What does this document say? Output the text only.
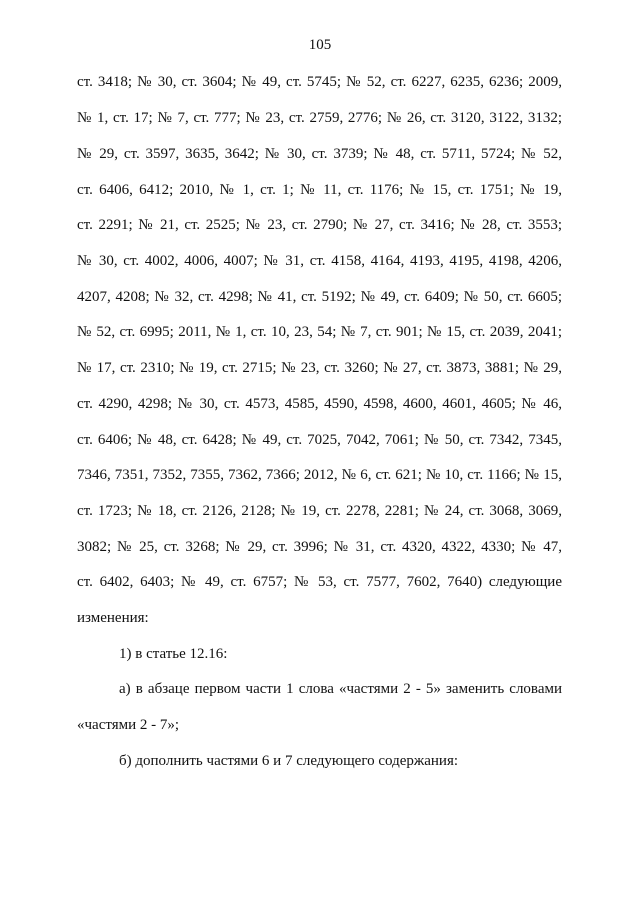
105
ст. 3418; № 30, ст. 3604; № 49, ст. 5745; № 52, ст. 6227, 6235, 6236; 2009,
№ 1, ст. 17; № 7, ст. 777; № 23, ст. 2759, 2776; № 26, ст. 3120, 3122, 3132;
№ 29, ст. 3597, 3635, 3642; № 30, ст. 3739; № 48, ст. 5711, 5724; № 52,
ст. 6406, 6412; 2010, № 1, ст. 1; № 11, ст. 1176; № 15, ст. 1751; № 19,
ст. 2291; № 21, ст. 2525; № 23, ст. 2790; № 27, ст. 3416; № 28, ст. 3553;
№ 30, ст. 4002, 4006, 4007; № 31, ст. 4158, 4164, 4193, 4195, 4198, 4206,
4207, 4208; № 32, ст. 4298; № 41, ст. 5192; № 49, ст. 6409; № 50, ст. 6605;
№ 52, ст. 6995; 2011, № 1, ст. 10, 23, 54; № 7, ст. 901; № 15, ст. 2039, 2041;
№ 17, ст. 2310; № 19, ст. 2715; № 23, ст. 3260; № 27, ст. 3873, 3881; № 29,
ст. 4290, 4298; № 30, ст. 4573, 4585, 4590, 4598, 4600, 4601, 4605; № 46,
ст. 6406; № 48, ст. 6428; № 49, ст. 7025, 7042, 7061; № 50, ст. 7342, 7345,
7346, 7351, 7352, 7355, 7362, 7366; 2012, № 6, ст. 621; № 10, ст. 1166; № 15,
ст. 1723; № 18, ст. 2126, 2128; № 19, ст. 2278, 2281; № 24, ст. 3068, 3069,
3082; № 25, ст. 3268; № 29, ст. 3996; № 31, ст. 4320, 4322, 4330; № 47,
ст. 6402, 6403; № 49, ст. 6757; № 53, ст. 7577, 7602, 7640) следующие
изменения:
1) в статье 12.16:
а) в абзаце первом части 1 слова «частями 2 - 5» заменить словами
«частями 2 - 7»;
б) дополнить частями 6 и 7 следующего содержания:
